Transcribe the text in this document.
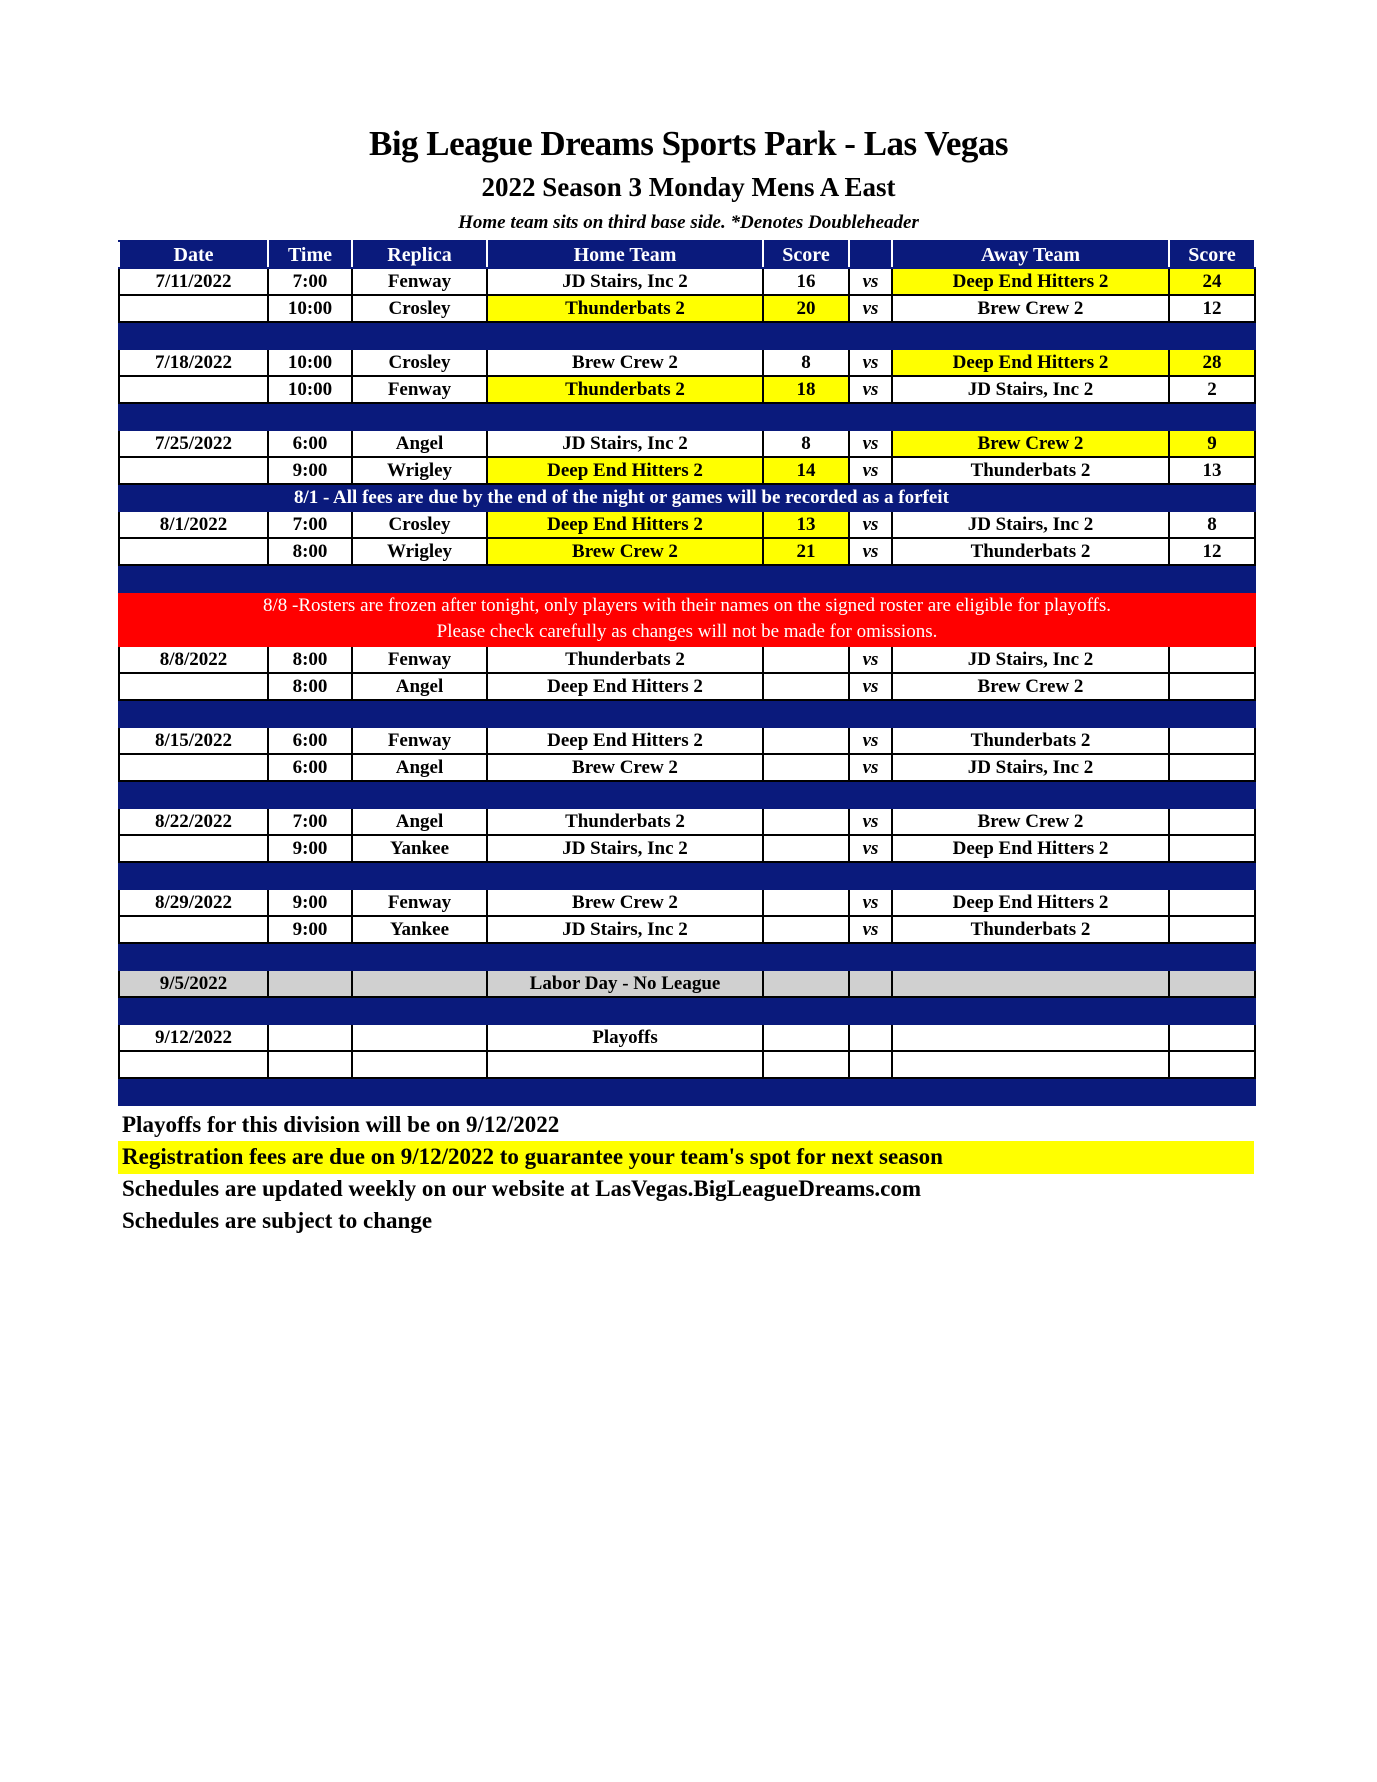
Big League Dreams Sports Park - Las Vegas
2022 Season 3 Monday Mens A East
Home team sits on third base side. *Denotes Doubleheader
Date	Time	Replica	Home Team	Score		Away Team	Score
7/11/2022	7:00	Fenway	JD Stairs, Inc 2	16	vs	Deep End Hitters 2	24
	10:00	Crosley	Thunderbats 2	20	vs	Brew Crew 2	12

7/18/2022	10:00	Crosley	Brew Crew 2	8	vs	Deep End Hitters 2	28
	10:00	Fenway	Thunderbats 2	18	vs	JD Stairs, Inc 2	2

7/25/2022	6:00	Angel	JD Stairs, Inc 2	8	vs	Brew Crew 2	9
	9:00	Wrigley	Deep End Hitters 2	14	vs	Thunderbats 2	13
	8/1 - All fees are due by the end of the night or games will be recorded as a forfeit						
8/1/2022	7:00	Crosley	Deep End Hitters 2	13	vs	JD Stairs, Inc 2	8
	8:00	Wrigley	Brew Crew 2	21	vs	Thunderbats 2	12

8/8 -Rosters are frozen after tonight, only players with their names on the signed roster are eligible for playoffs.
Please check carefully as changes will not be made for omissions.							

8/8/2022	8:00	Fenway	Thunderbats 2		vs	JD Stairs, Inc 2	
	8:00	Angel	Deep End Hitters 2		vs	Brew Crew 2	

8/15/2022	6:00	Fenway	Deep End Hitters 2		vs	Thunderbats 2	
	6:00	Angel	Brew Crew 2		vs	JD Stairs, Inc 2	

8/22/2022	7:00	Angel	Thunderbats 2		vs	Brew Crew 2	
	9:00	Yankee	JD Stairs, Inc 2		vs	Deep End Hitters 2	

8/29/2022	9:00	Fenway	Brew Crew 2		vs	Deep End Hitters 2	
	9:00	Yankee	JD Stairs, Inc 2		vs	Thunderbats 2	

9/5/2022			Labor Day - No League				

9/12/2022			Playoffs				

Playoffs for this division will be on 9/12/2022
Registration fees are due on 9/12/2022 to guarantee your team's spot for next season
Schedules are updated weekly on our website at LasVegas.BigLeagueDreams.com
Schedules are subject to change
